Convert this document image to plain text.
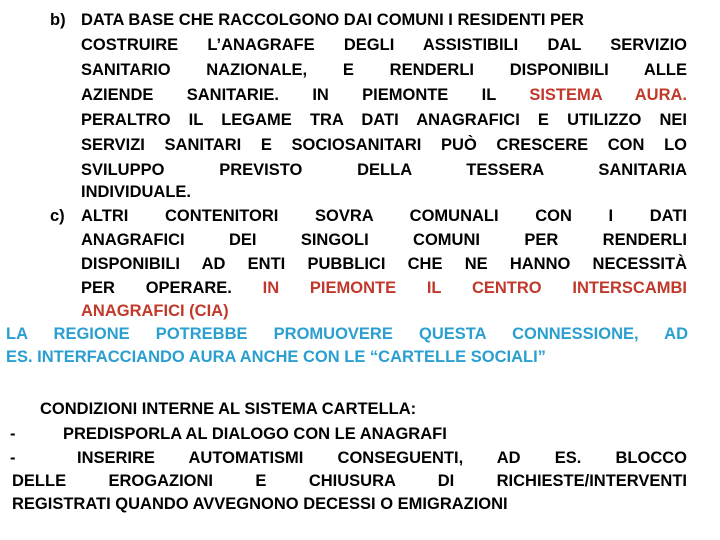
b) DATA BASE CHE RACCOLGONO DAI COMUNI I RESIDENTI PER
COSTRUIRE L’ANAGRAFE DEGLI ASSISTIBILI DAL SERVIZIO
SANITARIO NAZIONALE, E RENDERLI DISPONIBILI ALLE
AZIENDE SANITARIE. IN PIEMONTE IL SISTEMA AURA.
PERALTRO IL LEGAME TRA DATI ANAGRAFICI E UTILIZZO NEI
SERVIZI SANITARI E SOCIOSANITARI PUÒ CRESCERE CON LO
SVILUPPO PREVISTO DELLA TESSERA SANITARIA
INDIVIDUALE.
c) ALTRI CONTENITORI SOVRA COMUNALI CON I DATI
ANAGRAFICI DEI SINGOLI COMUNI PER RENDERLI
DISPONIBILI AD ENTI PUBBLICI CHE NE HANNO NECESSITÀ
PER OPERARE. IN PIEMONTE IL CENTRO INTERSCAMBI
ANAGRAFICI (CIA)
LA REGIONE POTREBBE PROMUOVERE QUESTA CONNESSIONE, AD
ES. INTERFACCIANDO AURA ANCHE CON LE “CARTELLE SOCIALI”
CONDIZIONI INTERNE AL SISTEMA CARTELLA:
-	PREDISPORLA AL DIALOGO CON LE ANAGRAFI
-	INSERIRE AUTOMATISMI CONSEGUENTI, AD ES. BLOCCO
DELLE EROGAZIONI E CHIUSURA DI RICHIESTE/INTERVENTI
REGISTRATI QUANDO AVVEGNONO DECESSI O EMIGRAZIONI
